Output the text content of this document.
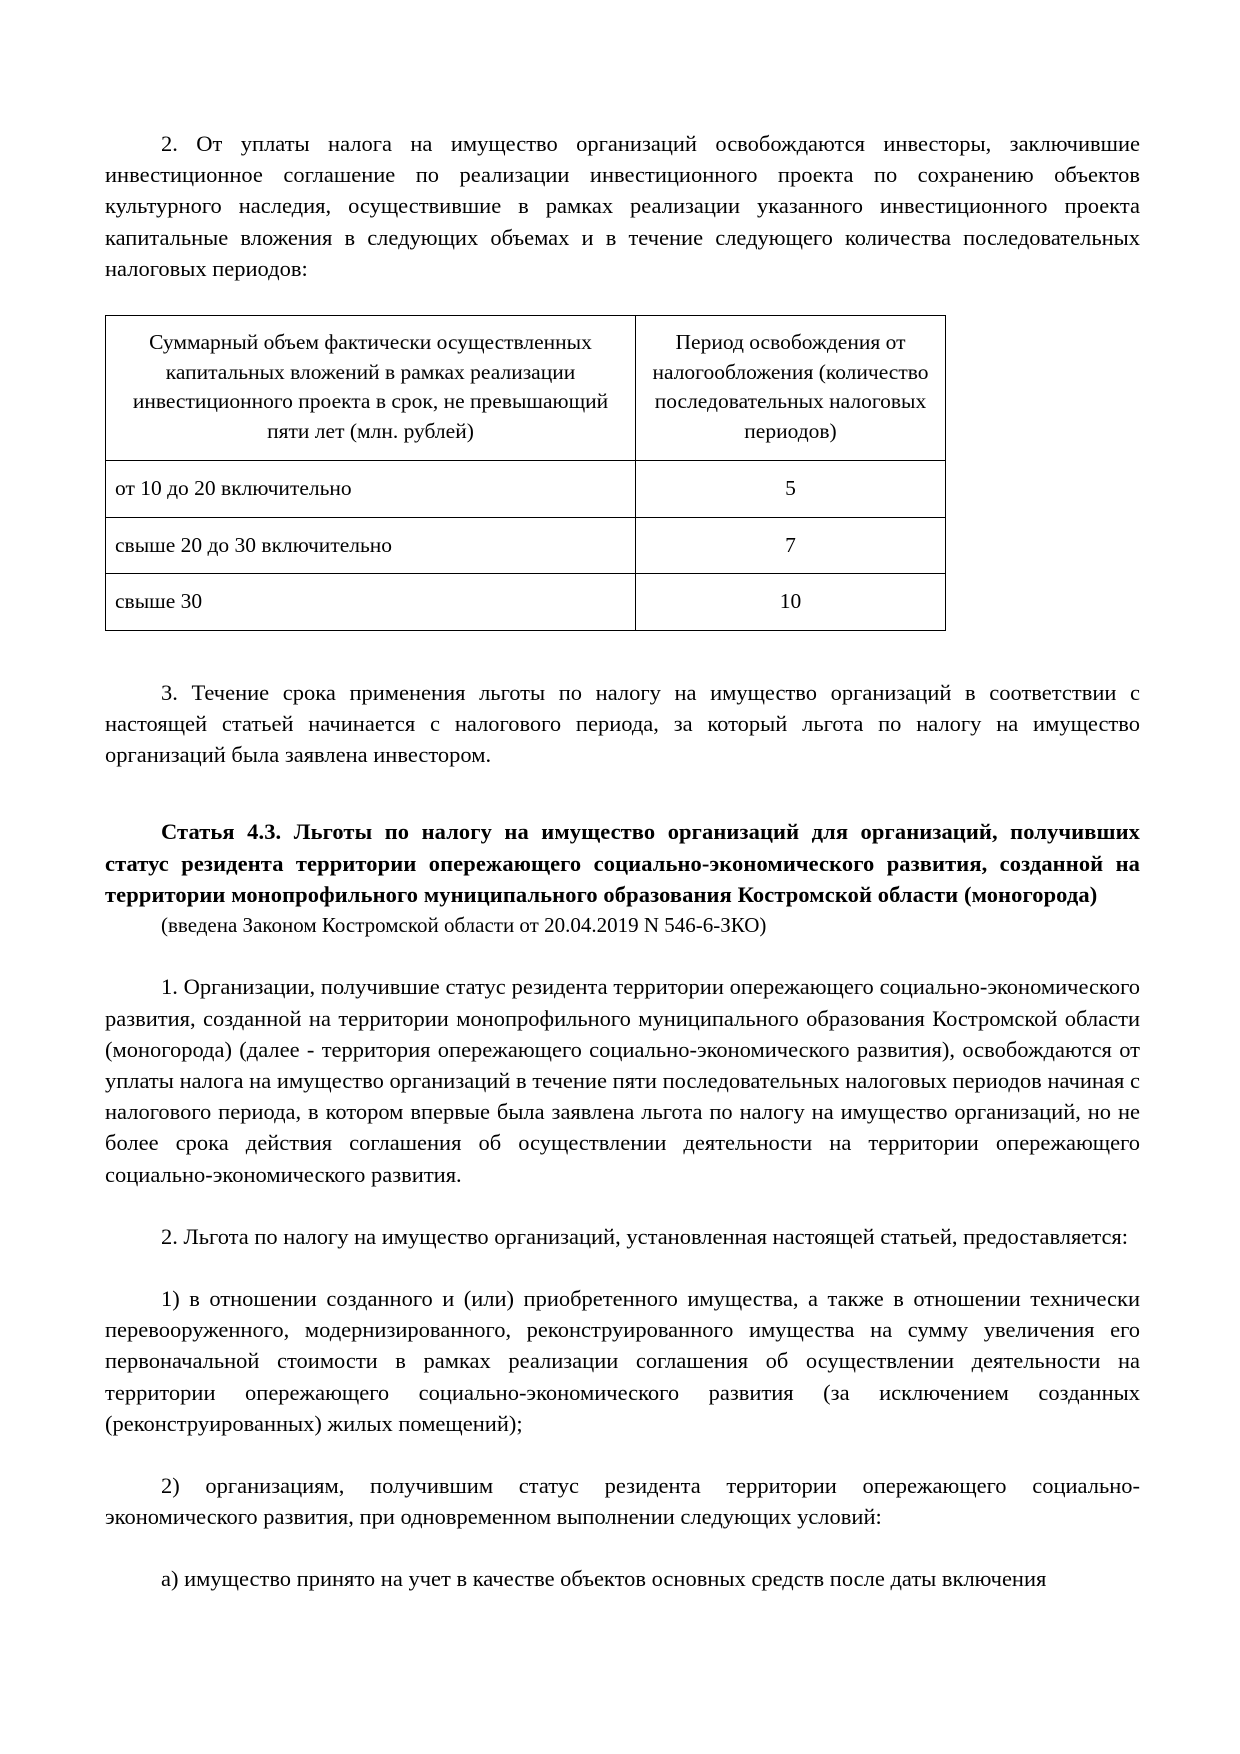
2. От уплаты налога на имущество организаций освобождаются инвесторы, заключившие инвестиционное соглашение по реализации инвестиционного проекта по сохранению объектов культурного наследия, осуществившие в рамках реализации указанного инвестиционного проекта капитальные вложения в следующих объемах и в течение следующего количества последовательных налоговых периодов:

Суммарный объем фактически осуществленных капитальных вложений в рамках реализации инвестиционного проекта в срок, не превышающий пяти лет (млн. рублей)	Период освобождения от налогообложения (количество последовательных налоговых периодов)
от 10 до 20 включительно	5
свыше 20 до 30 включительно	7
свыше 30	10

3. Течение срока применения льготы по налогу на имущество организаций в соответствии с настоящей статьей начинается с налогового периода, за который льгота по налогу на имущество организаций была заявлена инвестором.

Статья 4.3. Льготы по налогу на имущество организаций для организаций, получивших статус резидента территории опережающего социально-экономического развития, созданной на территории монопрофильного муниципального образования Костромской области (моногорода)

(введена Законом Костромской области от 20.04.2019 N 546-6-ЗКО)

1. Организации, получившие статус резидента территории опережающего социально-экономического развития, созданной на территории монопрофильного муниципального образования Костромской области (моногорода) (далее - территория опережающего социально-экономического развития), освобождаются от уплаты налога на имущество организаций в течение пяти последовательных налоговых периодов начиная с налогового периода, в котором впервые была заявлена льгота по налогу на имущество организаций, но не более срока действия соглашения об осуществлении деятельности на территории опережающего социально-экономического развития.

2. Льгота по налогу на имущество организаций, установленная настоящей статьей, предоставляется:

1) в отношении созданного и (или) приобретенного имущества, а также в отношении технически перевооруженного, модернизированного, реконструированного имущества на сумму увеличения его первоначальной стоимости в рамках реализации соглашения об осуществлении деятельности на территории опережающего социально-экономического развития (за исключением созданных (реконструированных) жилых помещений);

2) организациям, получившим статус резидента территории опережающего социально-экономического развития, при одновременном выполнении следующих условий:

а) имущество принято на учет в качестве объектов основных средств после даты включения
